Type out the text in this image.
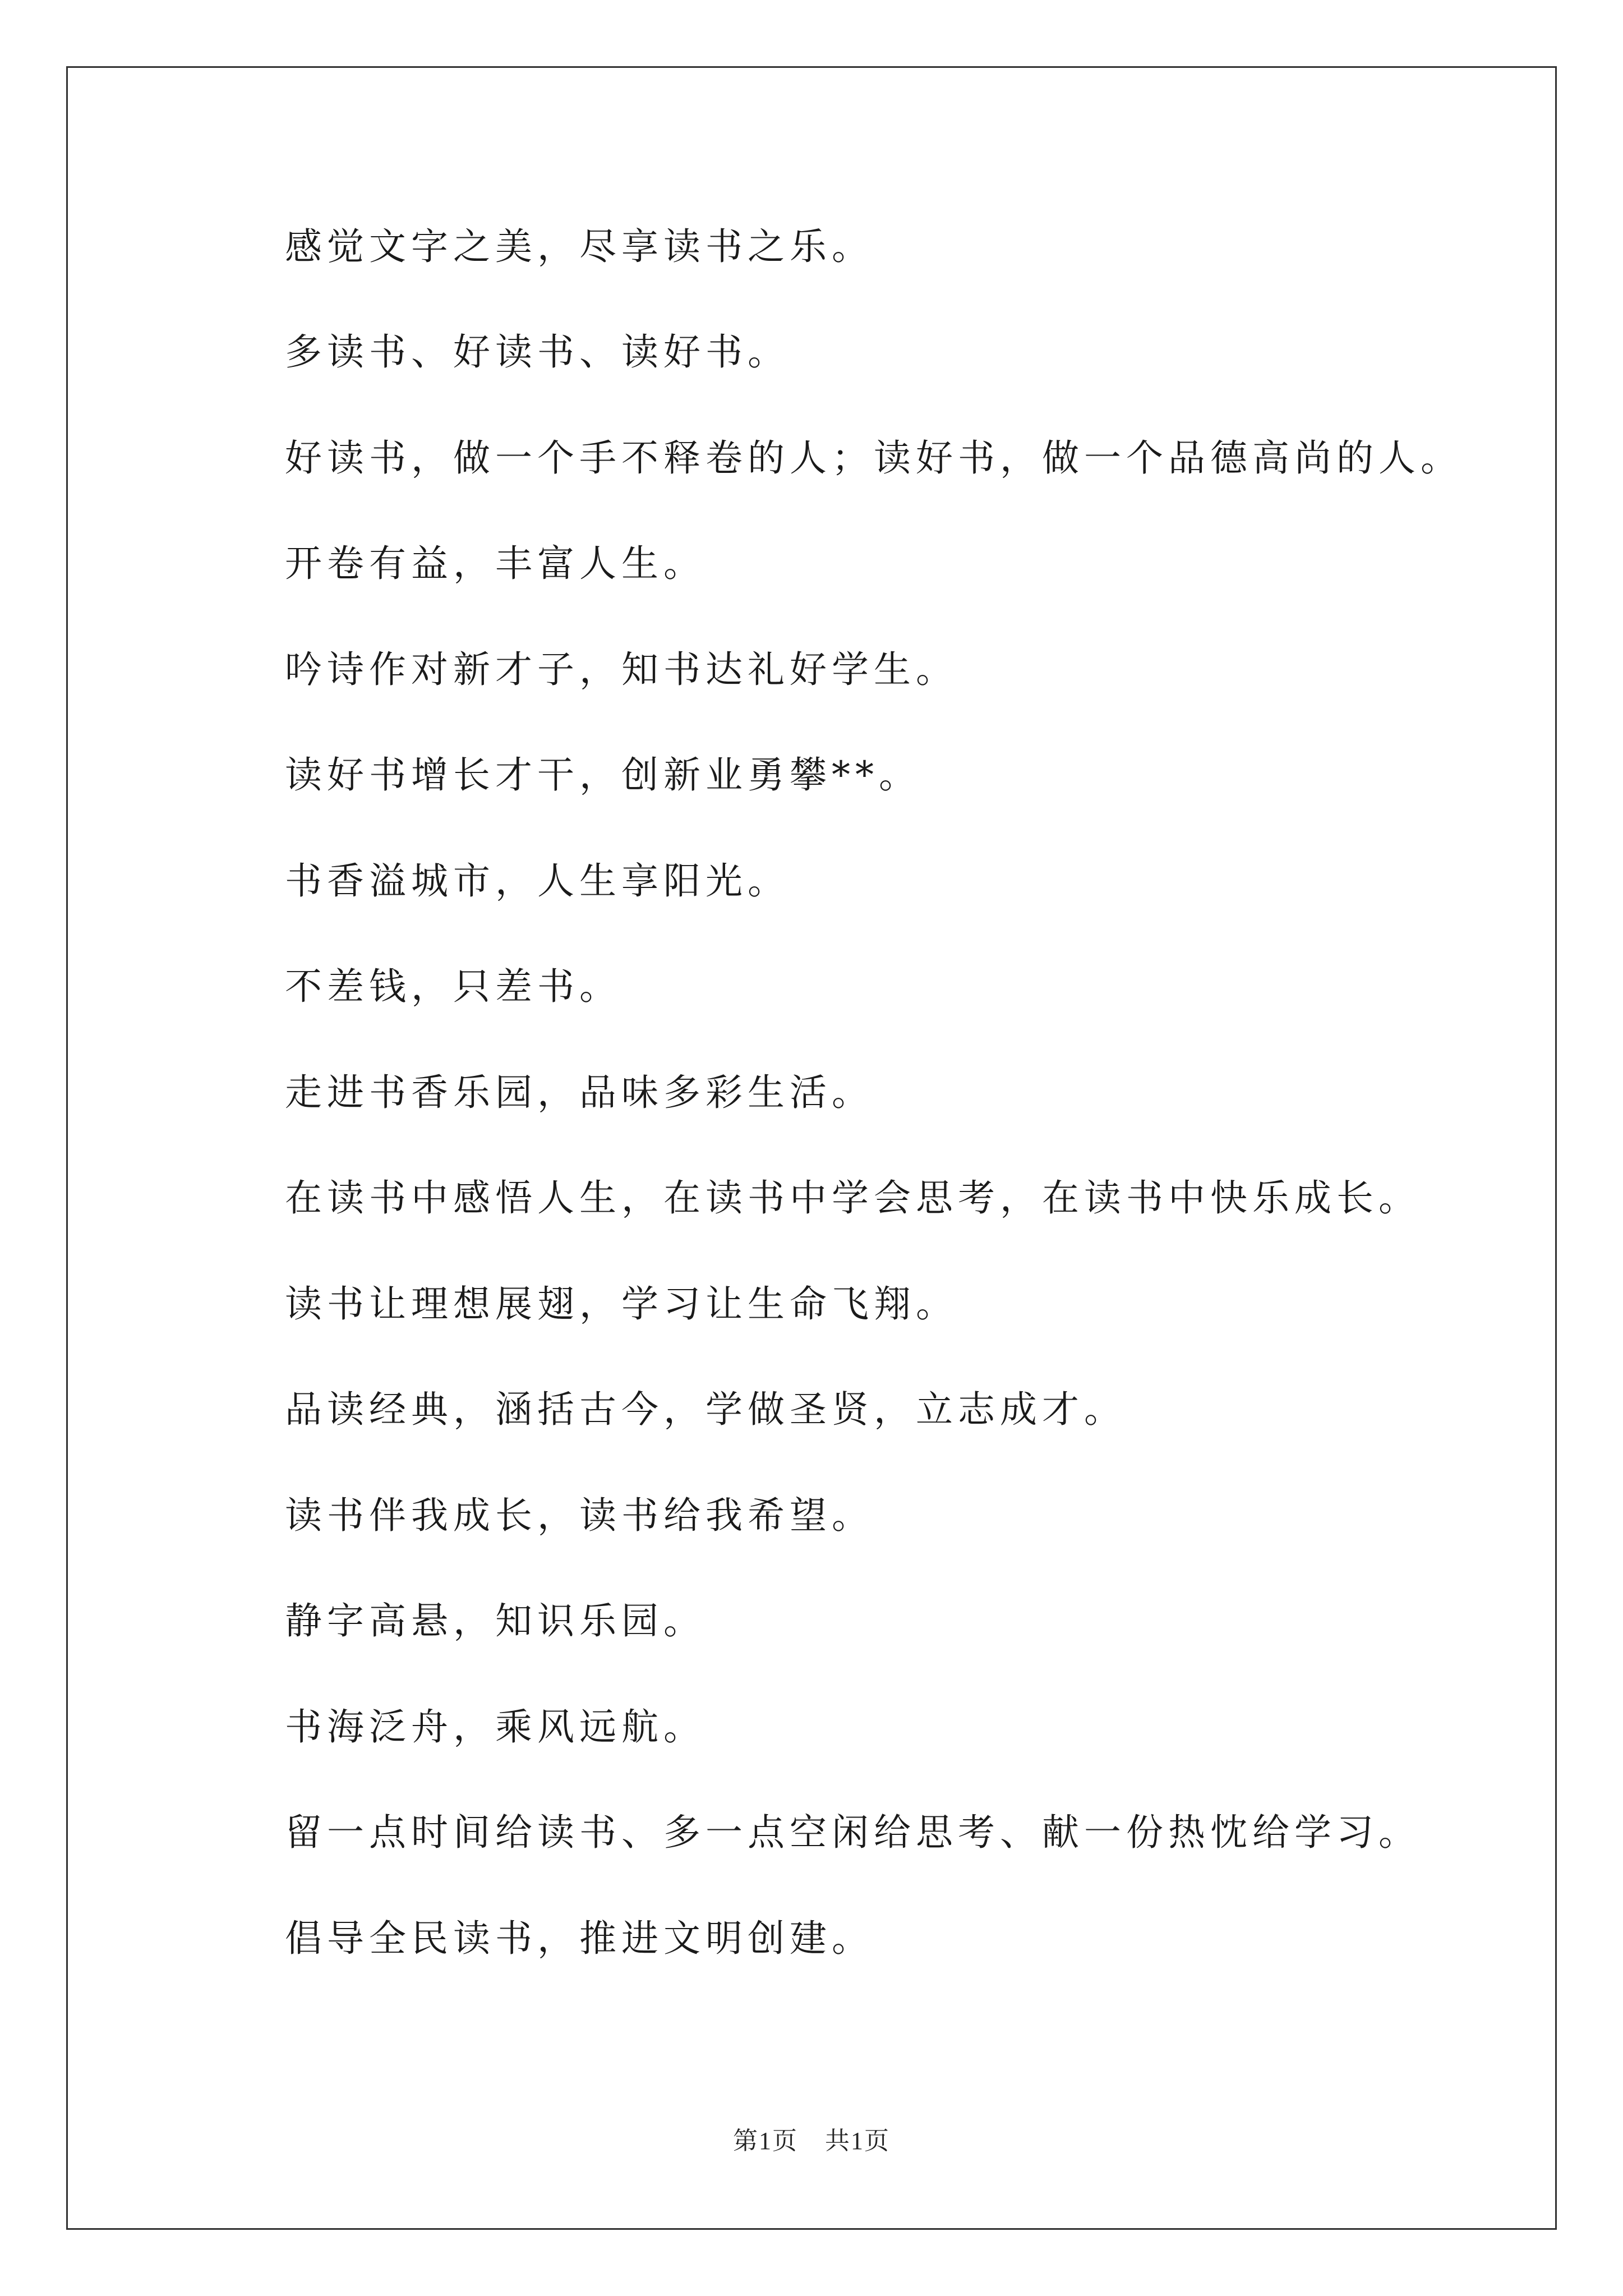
感觉文字之美，尽享读书之乐。
多读书、好读书、读好书。
好读书，做一个手不释卷的人；读好书，做一个品德高尚的人。
开卷有益，丰富人生。
吟诗作对新才子，知书达礼好学生。
读好书增长才干，创新业勇攀**。
书香溢城市，人生享阳光。
不差钱，只差书。
走进书香乐园，品味多彩生活。
在读书中感悟人生，在读书中学会思考，在读书中快乐成长。
读书让理想展翅，学习让生命飞翔。
品读经典，涵括古今，学做圣贤，立志成才。
读书伴我成长，读书给我希望。
静字高悬，知识乐园。
书海泛舟，乘风远航。
留一点时间给读书、多一点空闲给思考、献一份热忱给学习。
倡导全民读书，推进文明创建。
第1页 共1页
